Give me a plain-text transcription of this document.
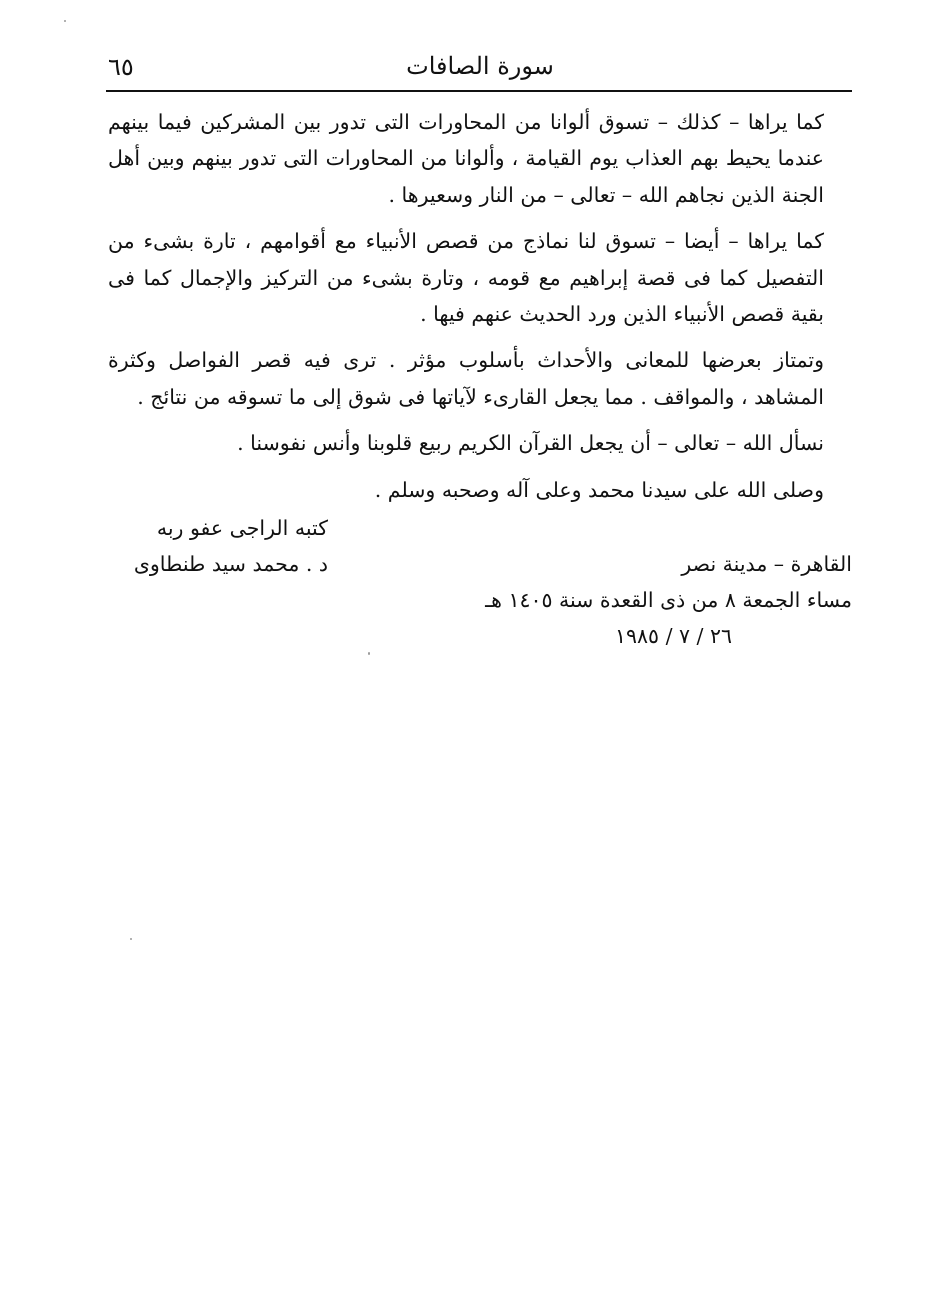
٦٥	سورة الصافات
كما يراها – كذلك – تسوق ألوانا من المحاورات التى تدور بين المشركين فيما بينهم عندما يحيط بهم العذاب يوم القيامة ، وألوانا من المحاورات التى تدور بينهم وبين أهل الجنة الذين نجاهم الله – تعالى – من النار وسعيرها .
كما يراها – أيضا – تسوق لنا نماذج من قصص الأنبياء مع أقوامهم ، تارة بشىء من التفصيل كما فى قصة إبراهيم مع قومه ، وتارة بشىء من التركيز والإجمال كما فى بقية قصص الأنبياء الذين ورد الحديث عنهم فيها .
وتمتاز بعرضها للمعانى والأحداث بأسلوب مؤثر . ترى فيه قصر الفواصل وكثرة المشاهد ، والمواقف . مما يجعل القارىء لآياتها فى شوق إلى ما تسوقه من نتائج .
نسأل الله – تعالى – أن يجعل القرآن الكريم ربيع قلوبنا وأنس نفوسنا .
وصلى الله على سيدنا محمد وعلى آله وصحبه وسلم .
كتبه الراجى عفو ربه
د . محمد سيد طنطاوى	القاهرة – مدينة نصر
مساء الجمعة ٨ من ذى القعدة سنة ١٤٠٥ هـ
٢٦ / ٧ / ١٩٨٥
